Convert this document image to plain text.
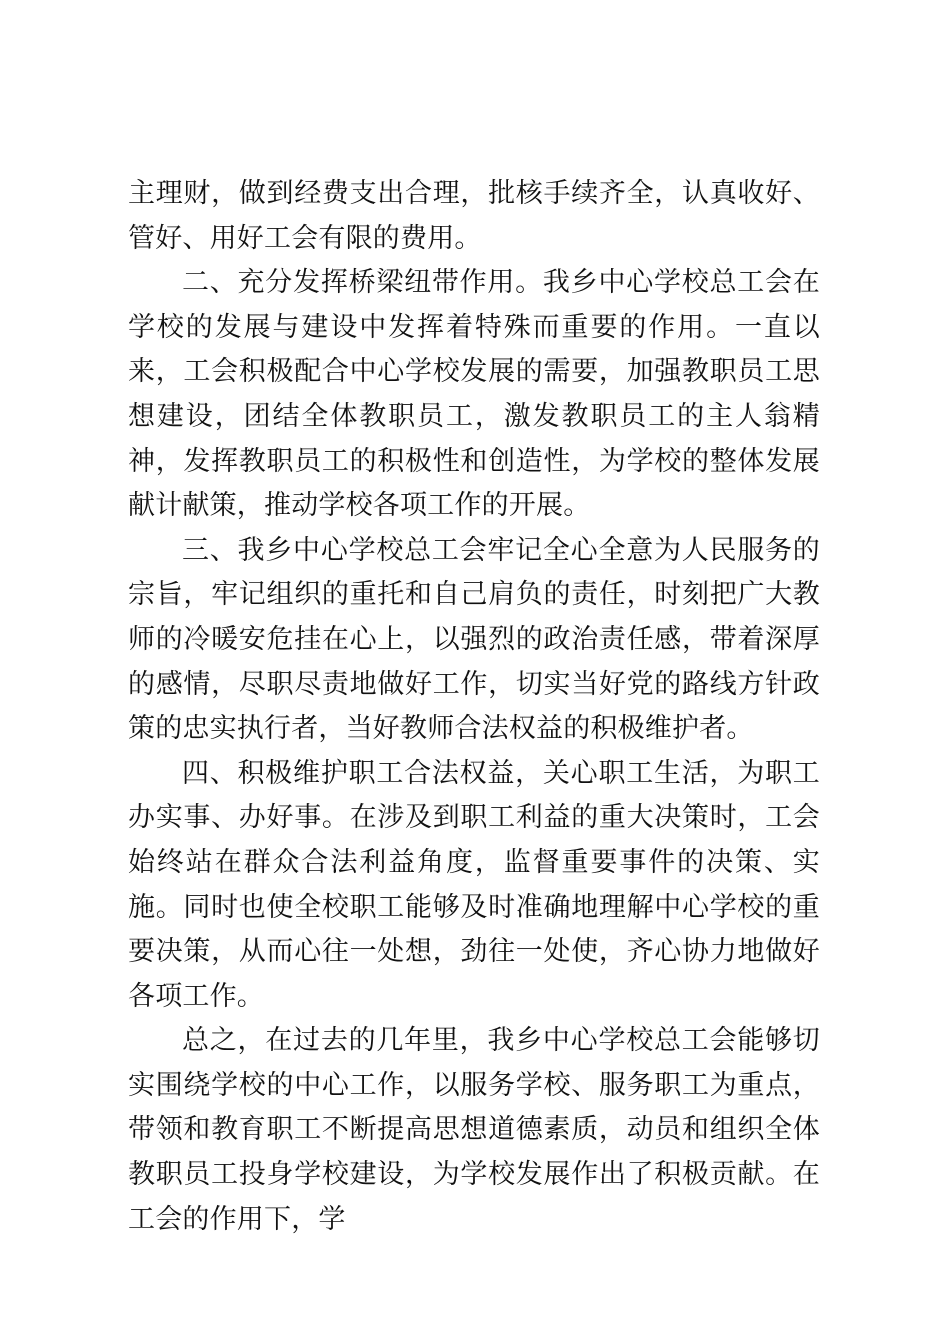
主理财，做到经费支出合理，批核手续齐全，认真收好、管好、用好工会有限的费用。

二、充分发挥桥梁纽带作用。我乡中心学校总工会在学校的发展与建设中发挥着特殊而重要的作用。一直以来，工会积极配合中心学校发展的需要，加强教职员工思想建设，团结全体教职员工，激发教职员工的主人翁精神，发挥教职员工的积极性和创造性，为学校的整体发展献计献策，推动学校各项工作的开展。

三、我乡中心学校总工会牢记全心全意为人民服务的宗旨，牢记组织的重托和自己肩负的责任，时刻把广大教师的冷暖安危挂在心上，以强烈的政治责任感，带着深厚的感情，尽职尽责地做好工作，切实当好党的路线方针政策的忠实执行者，当好教师合法权益的积极维护者。

四、积极维护职工合法权益，关心职工生活，为职工办实事、办好事。在涉及到职工利益的重大决策时，工会始终站在群众合法利益角度，监督重要事件的决策、实施。同时也使全校职工能够及时准确地理解中心学校的重要决策，从而心往一处想，劲往一处使，齐心协力地做好各项工作。

总之，在过去的几年里，我乡中心学校总工会能够切实围绕学校的中心工作，以服务学校、服务职工为重点，带领和教育职工不断提高思想道德素质，动员和组织全体教职员工投身学校建设，为学校发展作出了积极贡献。在工会的作用下，学
